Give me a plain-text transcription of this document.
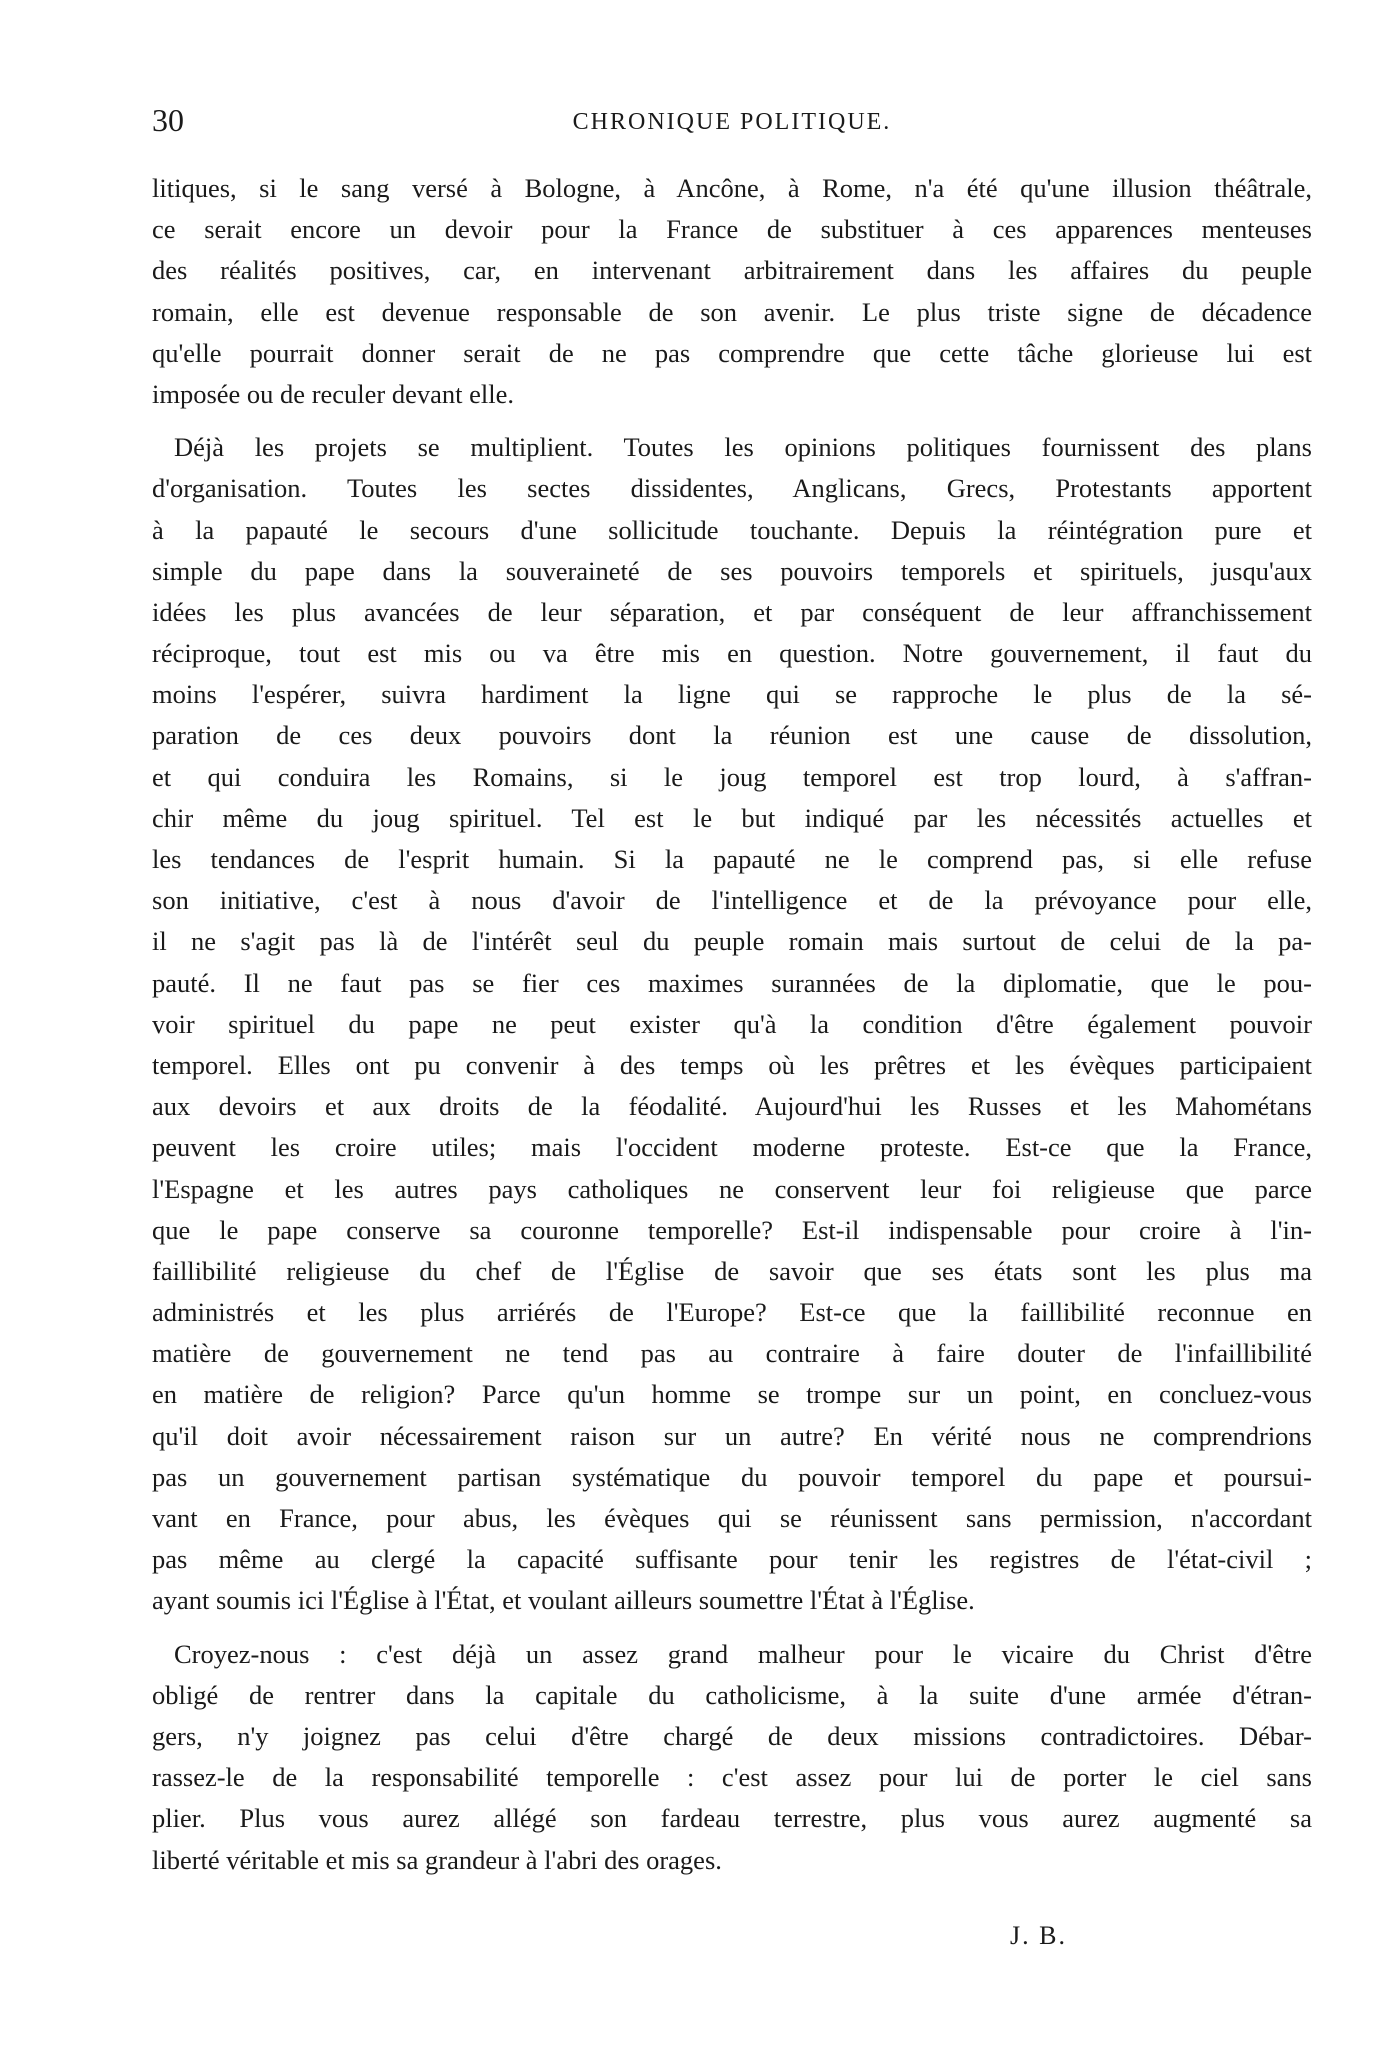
30	CHRONIQUE POLITIQUE.
litiques, si le sang versé à Bologne, à Ancône, à Rome, n'a été qu'une illusion théâtrale,
ce serait encore un devoir pour la France de substituer à ces apparences menteuses
des réalités positives, car, en intervenant arbitrairement dans les affaires du peuple
romain, elle est devenue responsable de son avenir. Le plus triste signe de décadence
qu'elle pourrait donner serait de ne pas comprendre que cette tâche glorieuse lui est
imposée ou de reculer devant elle.
Déjà les projets se multiplient. Toutes les opinions politiques fournissent des plans
d'organisation. Toutes les sectes dissidentes, Anglicans, Grecs, Protestants apportent
à la papauté le secours d'une sollicitude touchante. Depuis la réintégration pure et
simple du pape dans la souveraineté de ses pouvoirs temporels et spirituels, jusqu'aux
idées les plus avancées de leur séparation, et par conséquent de leur affranchissement
réciproque, tout est mis ou va être mis en question. Notre gouvernement, il faut du
moins l'espérer, suivra hardiment la ligne qui se rapproche le plus de la sé-
paration de ces deux pouvoirs dont la réunion est une cause de dissolution,
et qui conduira les Romains, si le joug temporel est trop lourd, à s'affran-
chir même du joug spirituel. Tel est le but indiqué par les nécessités actuelles et
les tendances de l'esprit humain. Si la papauté ne le comprend pas, si elle refuse
son initiative, c'est à nous d'avoir de l'intelligence et de la prévoyance pour elle,
il ne s'agit pas là de l'intérêt seul du peuple romain mais surtout de celui de la pa-
pauté. Il ne faut pas se fier ces maximes surannées de la diplomatie, que le pou-
voir spirituel du pape ne peut exister qu'à la condition d'être également pouvoir
temporel. Elles ont pu convenir à des temps où les prêtres et les évèques participaient
aux devoirs et aux droits de la féodalité. Aujourd'hui les Russes et les Mahométans
peuvent les croire utiles; mais l'occident moderne proteste. Est-ce que la France,
l'Espagne et les autres pays catholiques ne conservent leur foi religieuse que parce
que le pape conserve sa couronne temporelle? Est-il indispensable pour croire à l'in-
faillibilité religieuse du chef de l'Église de savoir que ses états sont les plus ma
administrés et les plus arriérés de l'Europe? Est-ce que la faillibilité reconnue en
matière de gouvernement ne tend pas au contraire à faire douter de l'infaillibilité
en matière de religion? Parce qu'un homme se trompe sur un point, en concluez-vous
qu'il doit avoir nécessairement raison sur un autre? En vérité nous ne comprendrions
pas un gouvernement partisan systématique du pouvoir temporel du pape et poursui-
vant en France, pour abus, les évèques qui se réunissent sans permission, n'accordant
pas même au clergé la capacité suffisante pour tenir les registres de l'état-civil ;
ayant soumis ici l'Église à l'État, et voulant ailleurs soumettre l'État à l'Église.
Croyez-nous : c'est déjà un assez grand malheur pour le vicaire du Christ d'être
obligé de rentrer dans la capitale du catholicisme, à la suite d'une armée d'étran-
gers, n'y joignez pas celui d'être chargé de deux missions contradictoires. Débar-
rassez-le de la responsabilité temporelle : c'est assez pour lui de porter le ciel sans
plier. Plus vous aurez allégé son fardeau terrestre, plus vous aurez augmenté sa
liberté véritable et mis sa grandeur à l'abri des orages.
J. B.
